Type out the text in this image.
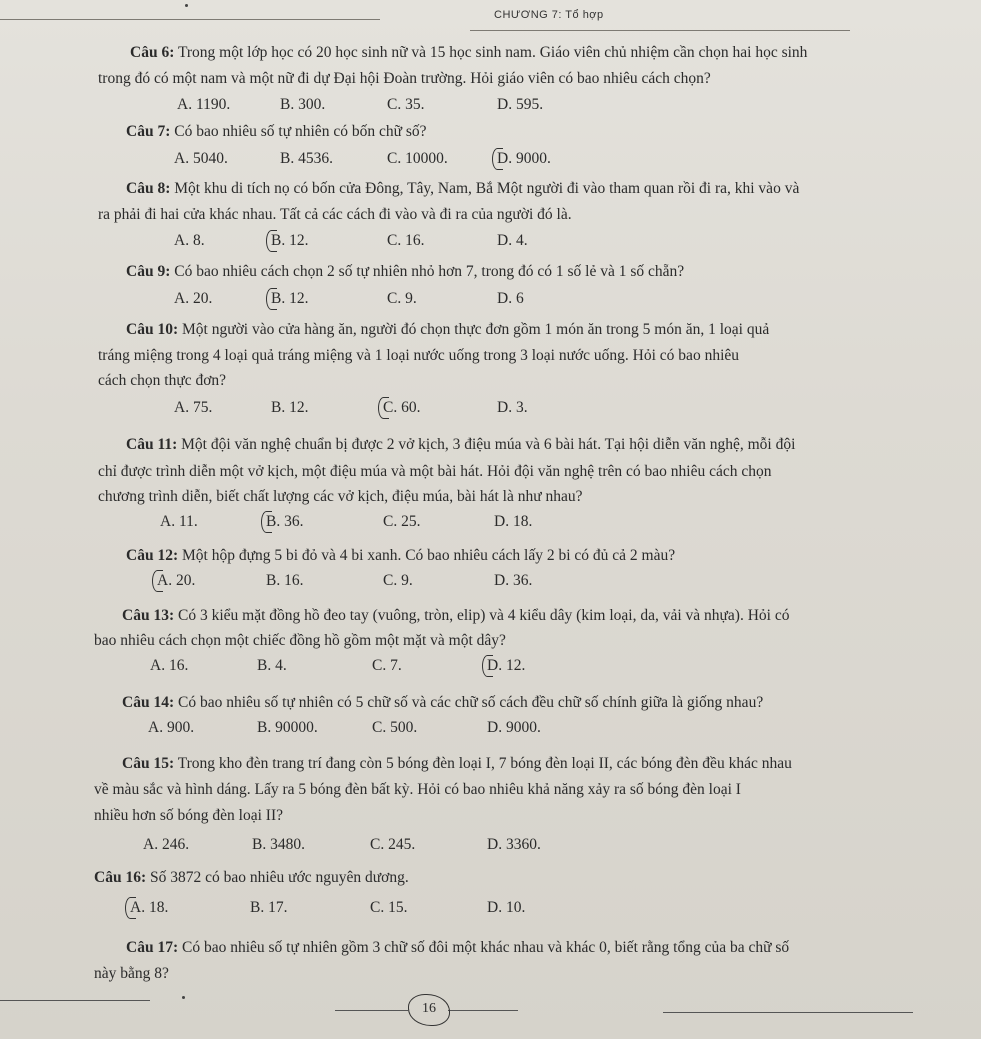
CHƯƠNG 7: Tổ hợp
Câu 6: Trong một lớp học có 20 học sinh nữ và 15 học sinh nam. Giáo viên chủ nhiệm cần chọn hai học sinh
trong đó có một nam và một nữ đi dự Đại hội Đoàn trường. Hỏi giáo viên có bao nhiêu cách chọn?
A. 1190.	B. 300.	C. 35.	D. 595.
Câu 7: Có bao nhiêu số tự nhiên có bốn chữ số?
A. 5040.	B. 4536.	C. 10000.	D. 9000.
Câu 8: Một khu di tích nọ có bốn cửa Đông, Tây, Nam, Bắ Một người đi vào tham quan rồi đi ra, khi vào và
ra phải đi hai cửa khác nhau. Tất cả các cách đi vào và đi ra của người đó là.
A. 8.	B. 12.	C. 16.	D. 4.
Câu 9: Có bao nhiêu cách chọn 2 số tự nhiên nhỏ hơn 7, trong đó có 1 số lẻ và 1 số chẵn?
A. 20.	B. 12.	C. 9.	D. 6
Câu 10: Một người vào cửa hàng ăn, người đó chọn thực đơn gồm 1 món ăn trong 5 món ăn, 1 loại quả
tráng miệng trong 4 loại quả tráng miệng và 1 loại nước uống trong 3 loại nước uống. Hỏi có bao nhiêu
cách chọn thực đơn?
A. 75.	B. 12.	C. 60.	D. 3.
Câu 11: Một đội văn nghệ chuẩn bị được 2 vở kịch, 3 điệu múa và 6 bài hát. Tại hội diễn văn nghệ, mỗi đội
chỉ được trình diễn một vở kịch, một điệu múa và một bài hát. Hỏi đội văn nghệ trên có bao nhiêu cách chọn
chương trình diễn, biết chất lượng các vở kịch, điệu múa, bài hát là như nhau?
A. 11.	B. 36.	C. 25.	D. 18.
Câu 12: Một hộp đựng 5 bi đỏ và 4 bi xanh. Có bao nhiêu cách lấy 2 bi có đủ cả 2 màu?
A. 20.	B. 16.	C. 9.	D. 36.
Câu 13: Có 3 kiểu mặt đồng hồ đeo tay (vuông, tròn, elip) và 4 kiểu dây (kim loại, da, vải và nhựa). Hỏi có
bao nhiêu cách chọn một chiếc đồng hồ gồm một mặt và một dây?
A. 16.	B. 4.	C. 7.	D. 12.
Câu 14: Có bao nhiêu số tự nhiên có 5 chữ số và các chữ số cách đều chữ số chính giữa là giống nhau?
A. 900.	B. 90000.	C. 500.	D. 9000.
Câu 15: Trong kho đèn trang trí đang còn 5 bóng đèn loại I, 7 bóng đèn loại II, các bóng đèn đều khác nhau
về màu sắc và hình dáng. Lấy ra 5 bóng đèn bất kỳ. Hỏi có bao nhiêu khả năng xảy ra số bóng đèn loại I
nhiều hơn số bóng đèn loại II?
A. 246.	B. 3480.	C. 245.	D. 3360.
Câu 16: Số 3872 có bao nhiêu ước nguyên dương.
A. 18.	B. 17.	C. 15.	D. 10.
Câu 17: Có bao nhiêu số tự nhiên gồm 3 chữ số đôi một khác nhau và khác 0, biết rằng tổng của ba chữ số
này bằng 8?
16
